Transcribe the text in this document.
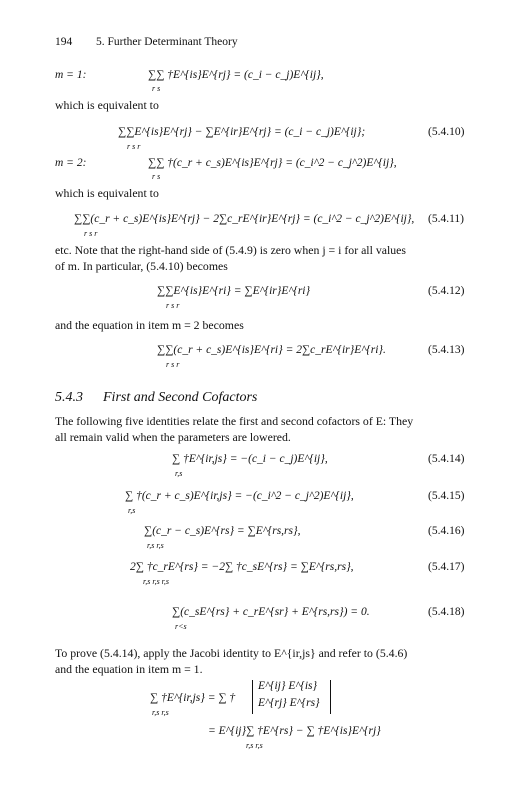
194 5. Further Determinant Theory
m = 1:	∑∑ †E^{is}E^{rj} = (c_i − c_j)E^{ij},
r s
which is equivalent to
∑∑E^{is}E^{rj} − ∑E^{ir}E^{rj} = (c_i − c_j)E^{ij};
r s r
(5.4.10)
m = 2:	∑∑ †(c_r + c_s)E^{is}E^{rj} = (c_i^2 − c_j^2)E^{ij},
r s
which is equivalent to
∑∑(c_r + c_s)E^{is}E^{rj} − 2∑c_rE^{ir}E^{rj} = (c_i^2 − c_j^2)E^{ij},
r s r
(5.4.11)
etc. Note that the right-hand side of (5.4.9) is zero when j = i for all values
of m. In particular, (5.4.10) becomes
∑∑E^{is}E^{ri} = ∑E^{ir}E^{ri}
r s r
(5.4.12)
and the equation in item m = 2 becomes
∑∑(c_r + c_s)E^{is}E^{ri} = 2∑c_rE^{ir}E^{ri}.
r s r
(5.4.13)
5.4.3 First and Second Cofactors
The following five identities relate the first and second cofactors of E: They
all remain valid when the parameters are lowered.
∑ †E^{ir,js} = −(c_i − c_j)E^{ij},
r,s
(5.4.14)
∑ †(c_r + c_s)E^{ir,js} = −(c_i^2 − c_j^2)E^{ij},
r,s
(5.4.15)
∑(c_r − c_s)E^{rs} = ∑E^{rs,rs},
r,s r,s
(5.4.16)
2∑ †c_rE^{rs} = −2∑ †c_sE^{rs} = ∑E^{rs,rs},
r,s r,s r,s
(5.4.17)
∑(c_sE^{rs} + c_rE^{sr} + E^{rs,rs}) = 0.
r<s
(5.4.18)
To prove (5.4.14), apply the Jacobi identity to E^{ir,js} and refer to (5.4.6)
and the equation in item m = 1.
∑ †E^{ir,js} = ∑ †
r,s r,s
E^{ij} E^{is}
E^{rj} E^{rs}
= E^{ij}∑ †E^{rs} − ∑ †E^{is}E^{rj}
r,s r,s
